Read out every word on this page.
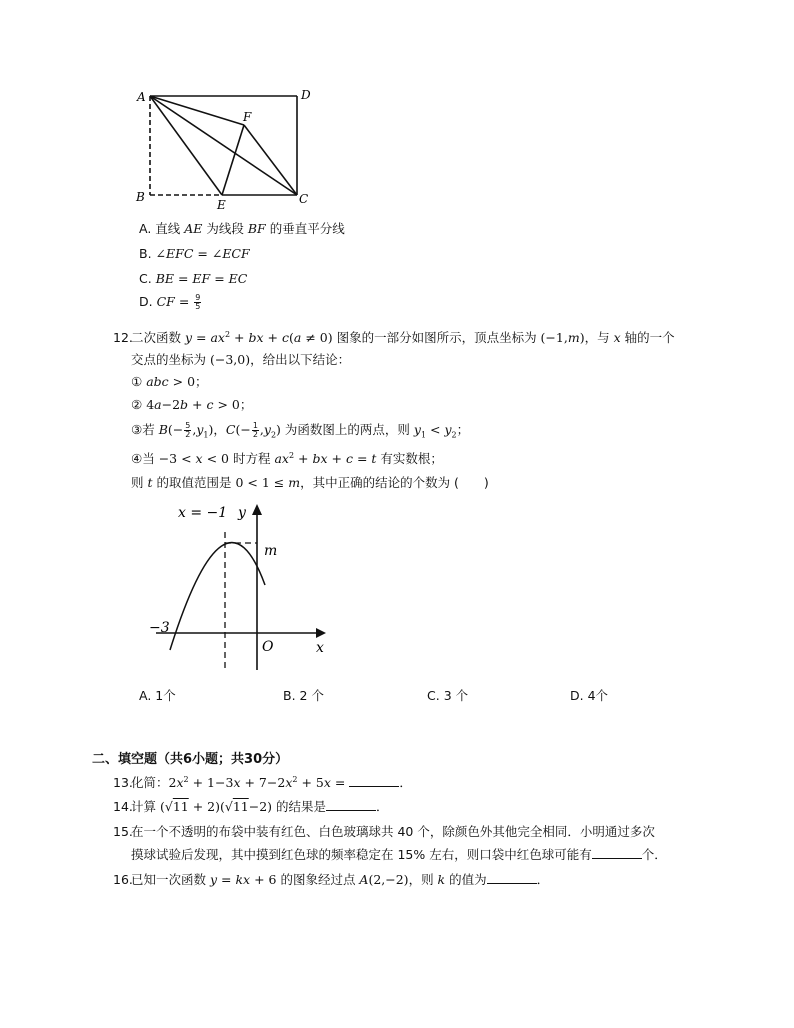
A	D
F
B
E	C
A. 直线 AE 为线段 BF 的垂直平分线
B. ∠EFC = ∠ECF
C. BE = EF = EC
D. CF = $\frac{9}{5}$
12.
二次函数 $y = ax^2$ + bx + c(a ≠ 0) 图象的一部分如图所示，顶点坐标为 (−1,m)，与 x 轴的一个
交点的坐标为 (−3,0)，给出以下结论：
① abc > 0；
② 4a−2b + c > 0；
③若 $B(- \frac{5}{2} ,y_1)$，$C(- \frac{1}{2} ,y_2)$ 为函数图上的两点，则 $y_1 < y_2$；
④当 −3 < x < 0 时方程 $ax^2$ + bx + c = t 有实数根；
则 t 的取值范围是 0 < 1 ≤ m，其中正确的结论的个数为 (　　)
x = −1 y
m
−3
O	x
A. 1个	B. 2 个	C. 3 个	D. 4个
二、填空题（共6小题；共30分）
13.
化简：$2x^2 + 1-3x + 7-2x^2 + 5x$ =	．
14.
计算 (√11 + 2)(√11−2) 的结果是	．
15.
在一个不透明的布袋中装有红色、白色玻璃球共 40 个，除颜色外其他完全相同．小明通过多次
摸球试验后发现，其中摸到红色球的频率稳定在 15% 左右，则口袋中红色球可能有	个．
16.
已知一次函数 y = kx + 6 的图象经过点 A(2,−2)，则 k 的值为	．
